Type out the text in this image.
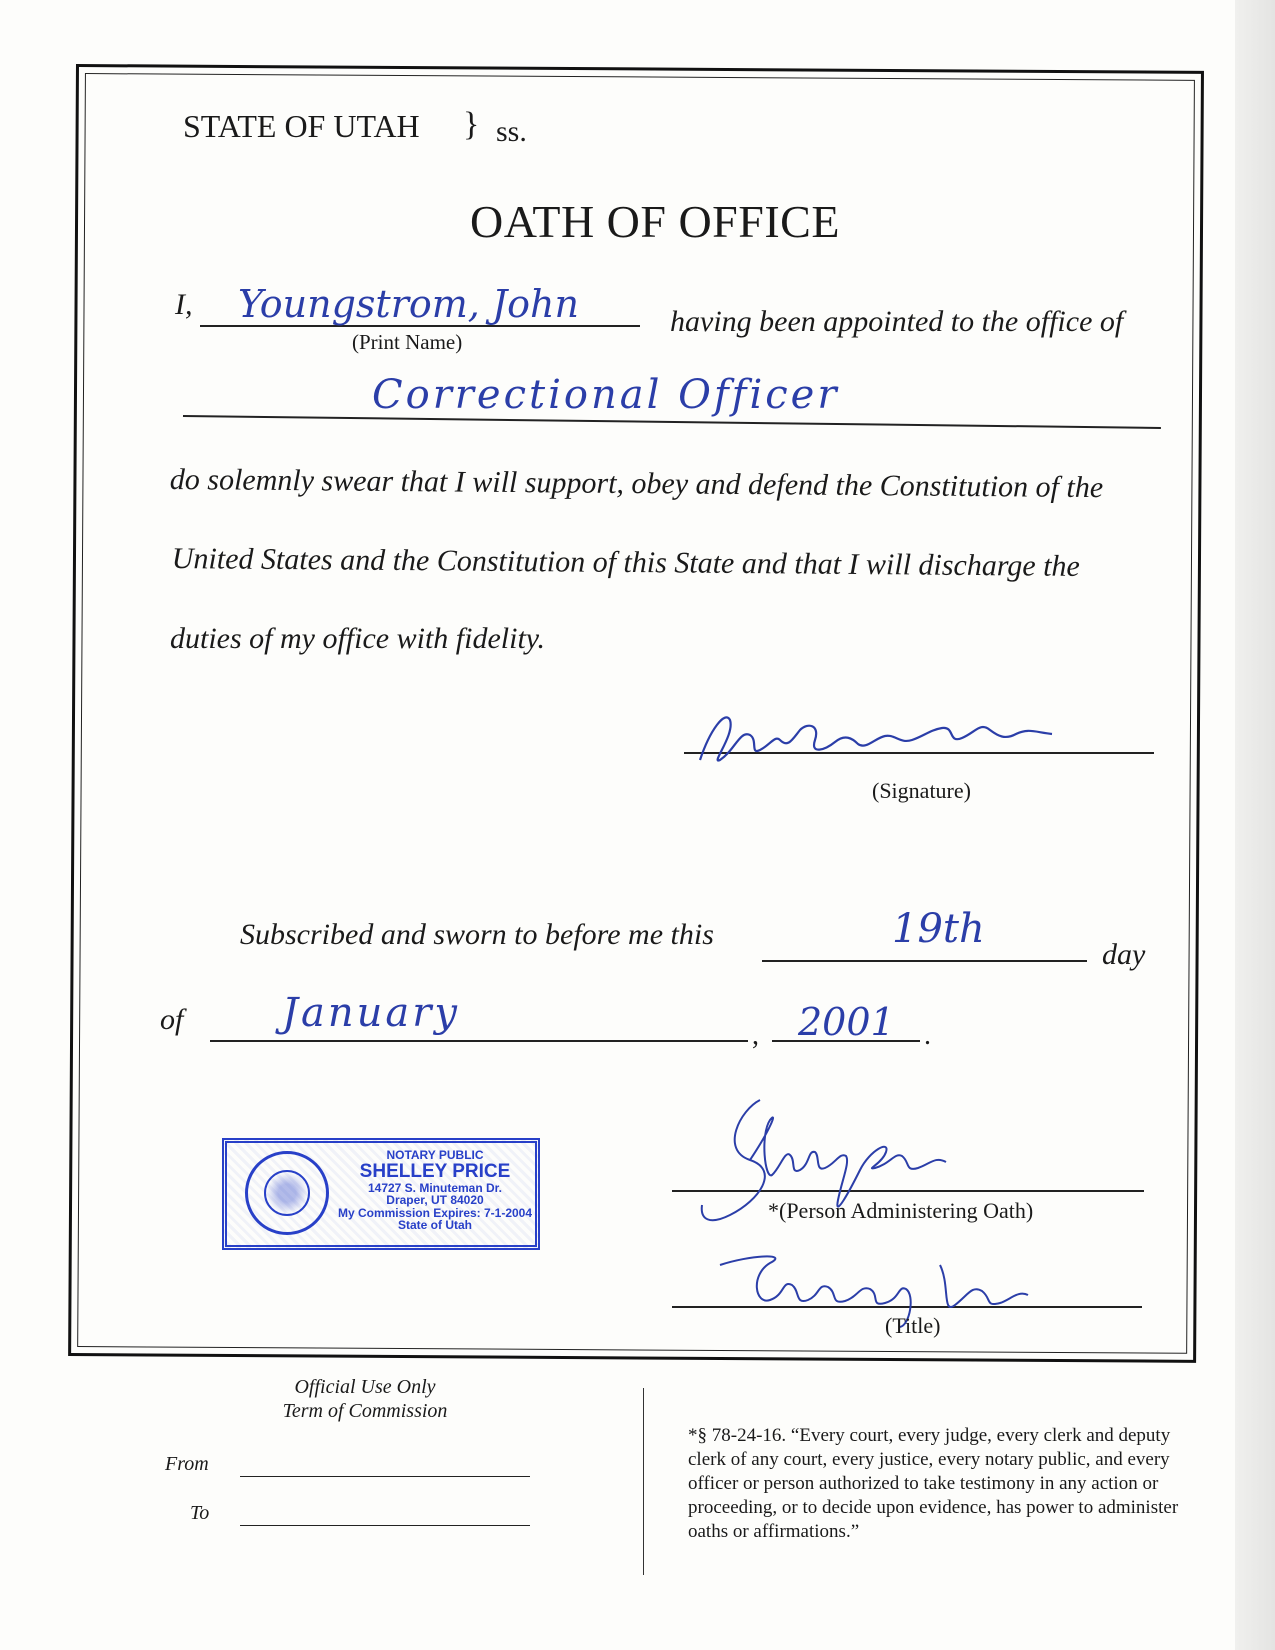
STATE OF UTAH } ss.
OATH OF OFFICE
I, Youngstrom, John
(Print Name)
having been appointed to the office of
Correctional Officer
do solemnly swear that I will support, obey and defend the Constitution of the
United States and the Constitution of this State and that I will discharge the
duties of my office with fidelity.
(Signature)
Subscribed and sworn to before me this	19th
day
of January	, 2001 .
NOTARY PUBLIC
SHELLEY PRICE
14727 S. Minuteman Dr.
Draper, UT 84020
My Commission Expires: 7-1-2004
State of Utah
*(Person Administering Oath)
(Title)
Official Use Only
Term of Commission
From
To
*§ 78-24-16. “Every court, every judge, every clerk and deputy clerk of any court, every justice, every notary public, and every officer or person authorized to take testimony in any action or proceeding, or to decide upon evidence, has power to administer oaths or affirmations.”
